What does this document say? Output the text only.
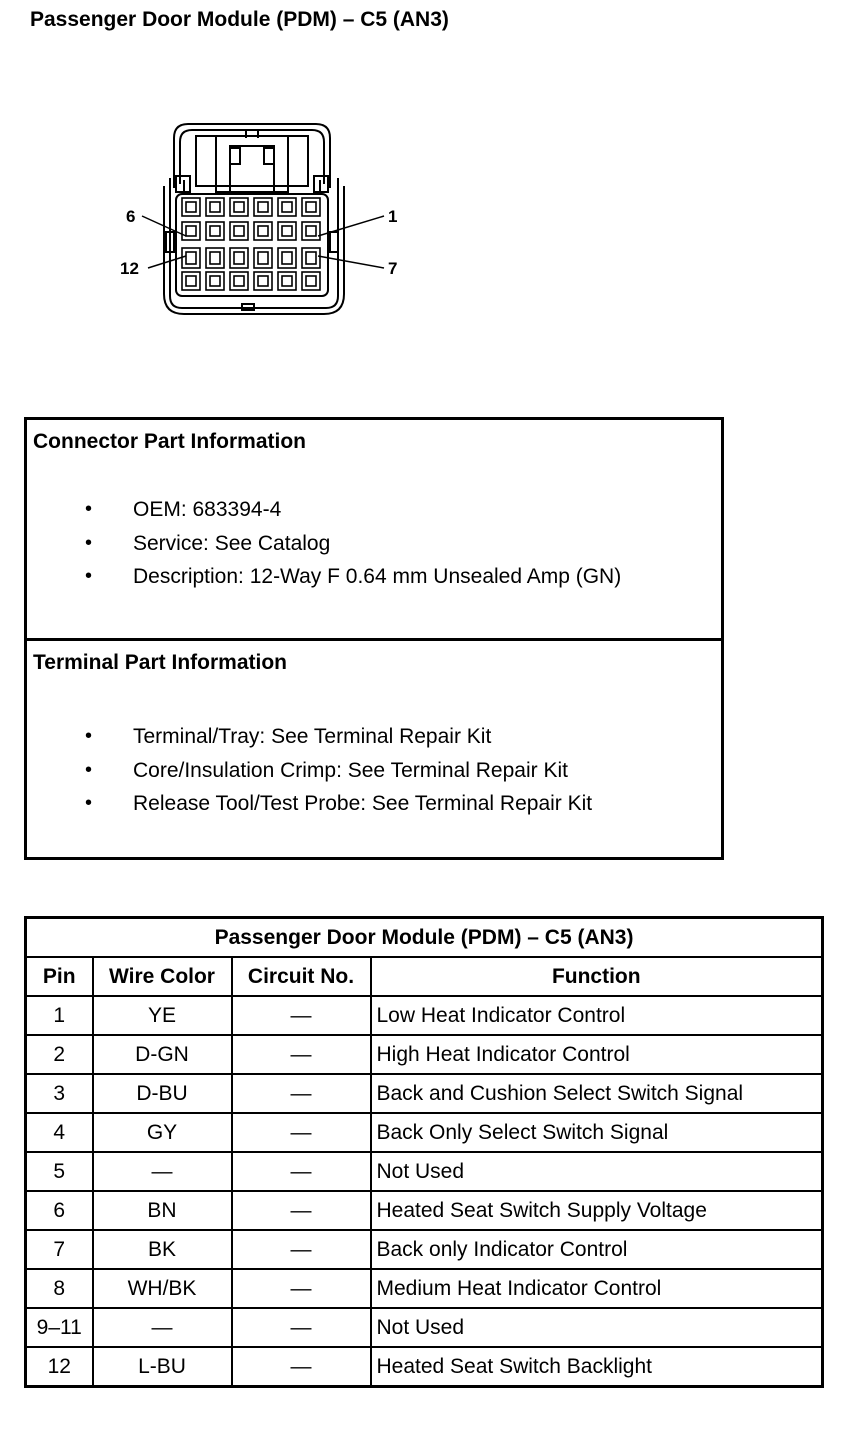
Passenger Door Module (PDM) – C5 (AN3)
6	1
12	7
Connector Part Information
• OEM: 683394-4
• Service: See Catalog
• Description: 12-Way F 0.64 mm Unsealed Amp (GN)
Terminal Part Information
• Terminal/Tray: See Terminal Repair Kit
• Core/Insulation Crimp: See Terminal Repair Kit
• Release Tool/Test Probe: See Terminal Repair Kit
Passenger Door Module (PDM) – C5 (AN3)			
Pin	Wire Color	Circuit No.	Function
1	YE	—	Low Heat Indicator Control
2	D-GN	—	High Heat Indicator Control
3	D-BU	—	Back and Cushion Select Switch Signal
4	GY	—	Back Only Select Switch Signal
5	—	—	Not Used
6	BN	—	Heated Seat Switch Supply Voltage
7	BK	—	Back only Indicator Control
8	WH/BK	—	Medium Heat Indicator Control
9–11	—	—	Not Used
12	L-BU	—	Heated Seat Switch Backlight
